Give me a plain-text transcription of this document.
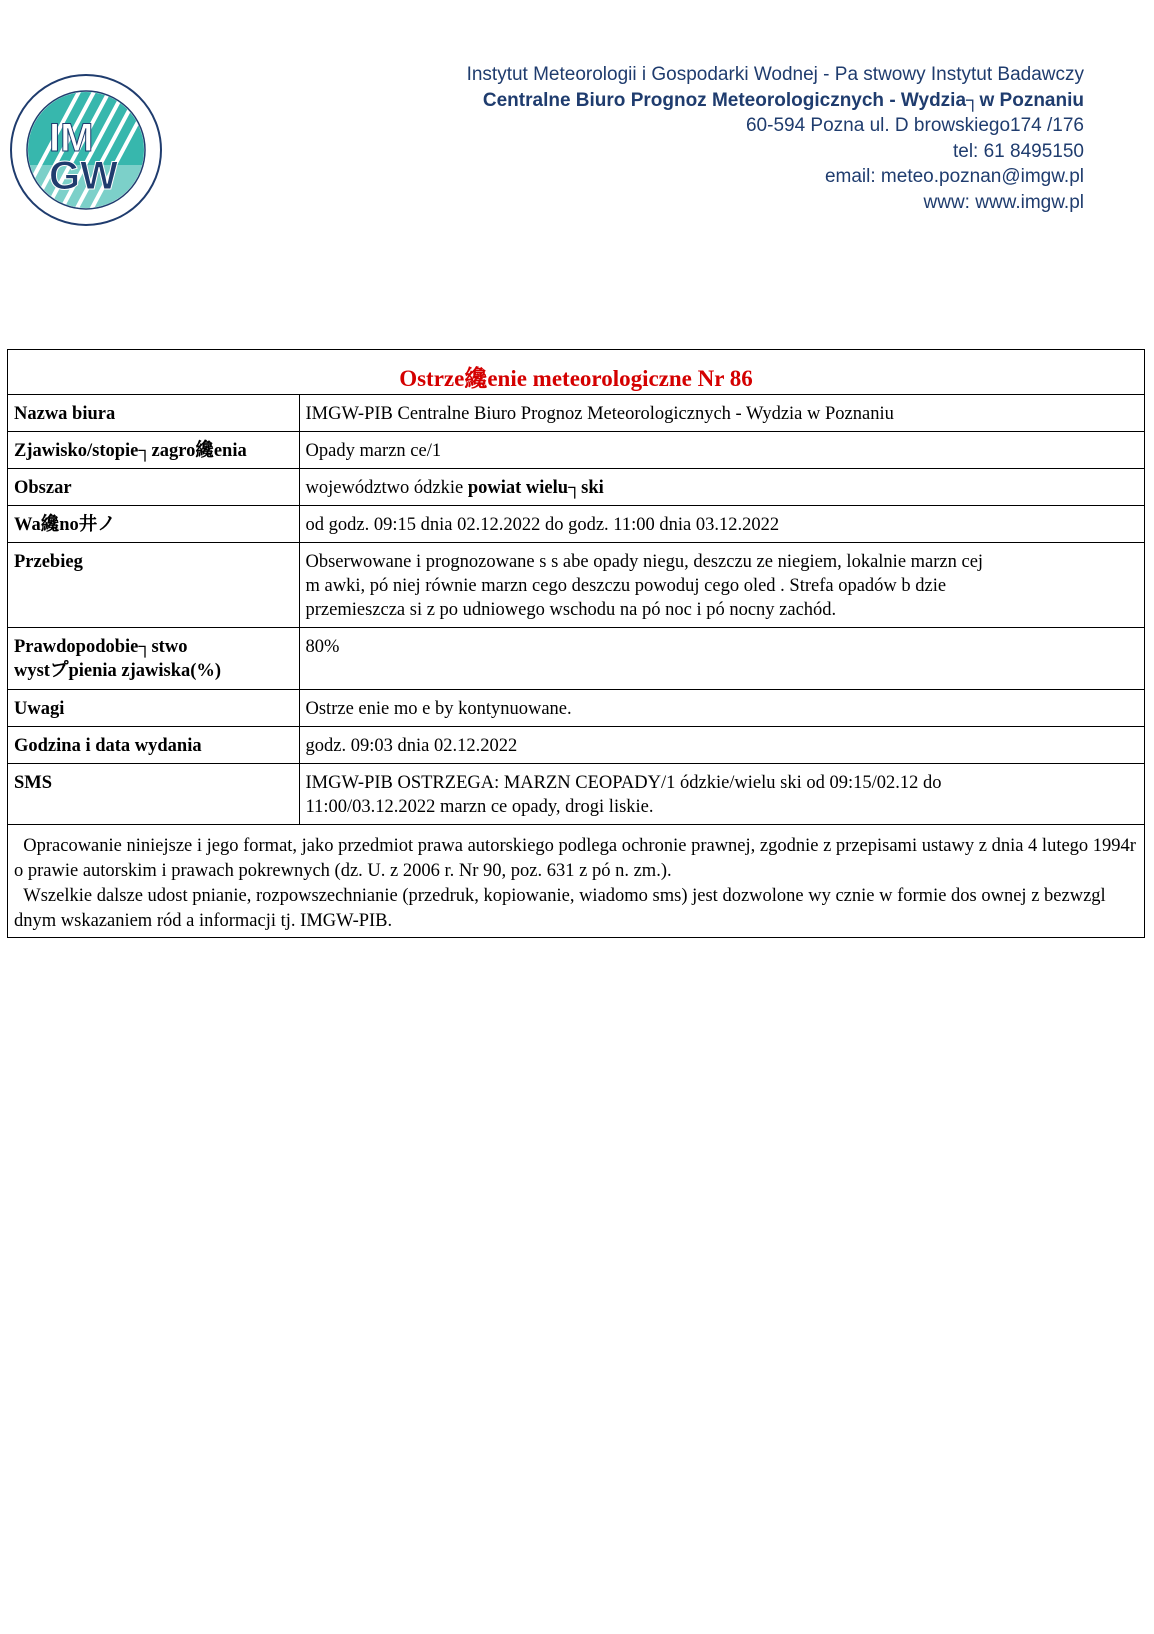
IM
GW
Instytut Meteorologii i Gospodarki Wodnej - Pa stwowy Instytut Badawczy
Centralne Biuro Prognoz Meteorologicznych - Wydzia┐w Poznaniu
60-594 Pozna ul. D browskiego174 /176
tel: 61 8495150
email: meteo.poznan@imgw.pl
www: www.imgw.pl
Ostrze纔enie meteorologiczne Nr 86
Nazwa biura	IMGW-PIB Centralne Biuro Prognoz Meteorologicznych - Wydzia w Poznaniu
Zjawisko/stopie┐zagro纔enia	Opady marzn ce/1
Obszar	województwo ódzkie powiat wielu┐ski
Wa纔no井ノ	od godz. 09:15 dnia 02.12.2022 do godz. 11:00 dnia 03.12.2022
Przebieg	Obserwowane i prognozowane s s abe opady niegu, deszczu ze niegiem, lokalnie marzn cej
m awki, pó niej równie marzn cego deszczu powoduj cego oled . Strefa opadów b dzie
przemieszcza si z po udniowego wschodu na pó noc i pó nocny zachód.

Prawdopodobie┐stwo
wystプpienia zjawiska(%)	80%
Uwagi	Ostrze enie mo e by kontynuowane.
Godzina i data wydania	godz. 09:03 dnia 02.12.2022
SMS	IMGW-PIB OSTRZEGA: MARZN CEOPADY/1 ódzkie/wielu ski od 09:15/02.12 do
11:00/03.12.2022 marzn ce opady, drogi liskie.

Opracowanie niniejsze i jego format, jako przedmiot prawa autorskiego podlega ochronie prawnej, zgodnie z przepisami ustawy z dnia 4 lutego 1994r o prawie autorskim i prawach pokrewnych (dz. U. z 2006 r. Nr 90, poz. 631 z pó n. zm.).

Wszelkie dalsze udost pnianie, rozpowszechnianie (przedruk, kopiowanie, wiadomo sms) jest dozwolone wy cznie w formie dos ownej z bezwzgl dnym wskazaniem ród a informacji tj. IMGW-PIB.
